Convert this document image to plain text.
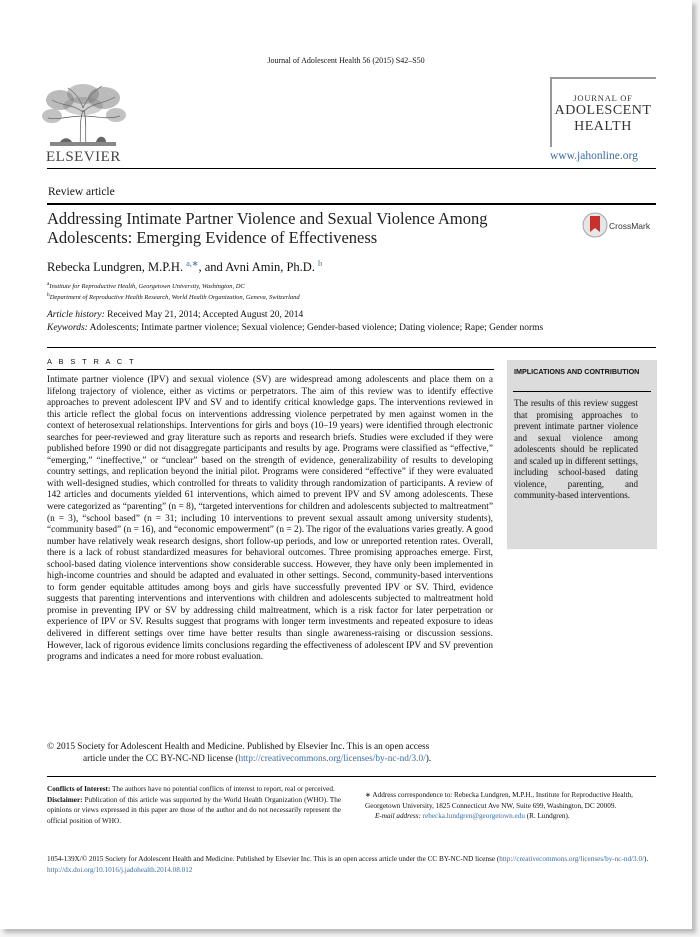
Journal of Adolescent Health 56 (2015) S42–S50
ELSEVIER
JOURNAL OF
ADOLESCENT
HEALTH
www.jahonline.org
Review article
Addressing Intimate Partner Violence and Sexual Violence Among Adolescents: Emerging Evidence of Effectiveness
CrossMark
Rebecka Lundgren, M.P.H. $^{a,∗}$, and Avni Amin, Ph.D. $^b$
$^a$Institute for Reproductive Health, Georgetown University, Washington, DC
$^b$Department of Reproductive Health Research, World Health Organization, Geneva, Switzerland
Article history: Received May 21, 2014; Accepted August 20, 2014
Keywords: Adolescents; Intimate partner violence; Sexual violence; Gender-based violence; Dating violence; Rape; Gender norms
A B S T R A C T

Intimate partner violence (IPV) and sexual violence (SV) are widespread among adolescents and place them on a lifelong trajectory of violence, either as victims or perpetrators. The aim of this review was to identify effective approaches to prevent adolescent IPV and SV and to identify critical knowledge gaps. The interventions reviewed in this article reflect the global focus on interventions addressing violence perpetrated by men against women in the context of heterosexual relationships. Interventions for girls and boys (10–19 years) were identified through electronic searches for peer-reviewed and gray literature such as reports and research briefs. Studies were excluded if they were published before 1990 or did not disaggregate participants and results by age. Programs were classified as “effective,” “emerging,” “ineffective,” or “unclear” based on the strength of evidence, generalizability of results to developing country settings, and replication beyond the initial pilot. Programs were considered “effective” if they were evaluated with well-designed studies, which controlled for threats to validity through randomization of participants. A review of 142 articles and documents yielded 61 interventions, which aimed to prevent IPV and SV among adolescents. These were categorized as “parenting” (n = 8), “targeted interventions for children and adolescents subjected to maltreatment” (n = 3), “school based” (n = 31; including 10 interventions to prevent sexual assault among university students), “community based” (n = 16), and “economic empowerment” (n = 2). The rigor of the evaluations varies greatly. A good number have relatively weak research designs, short follow-up periods, and low or unreported retention rates. Overall, there is a lack of robust standardized measures for behavioral outcomes. Three promising approaches emerge. First, school-based dating violence interventions show considerable success. However, they have only been implemented in high-income countries and should be adapted and evaluated in other settings. Second, community-based interventions to form gender equitable attitudes among boys and girls have successfully prevented IPV or SV. Third, evidence suggests that parenting interventions and interventions with children and adolescents subjected to maltreatment hold promise in preventing IPV or SV by addressing child maltreatment, which is a risk factor for later perpetration or experience of IPV or SV. Results suggest that programs with longer term investments and repeated exposure to ideas delivered in different settings over time have better results than single awareness-raising or discussion sessions. However, lack of rigorous evidence limits conclusions regarding the effectiveness of adolescent IPV and SV prevention programs and indicates a need for more robust evaluation.

© 2015 Society for Adolescent Health and Medicine. Published by Elsevier Inc. This is an open access
article under the CC BY-NC-ND license (http://creativecommons.org/licenses/by-nc-nd/3.0/).
IMPLICATIONS AND CONTRIBUTION
The results of this review suggest that promising approaches to prevent intimate partner violence and sexual violence among adolescents should be replicated and scaled up in different settings, including school-based dating violence, parenting, and community-based interventions.
Conflicts of Interest: The authors have no potential conflicts of interest to report, real or perceived.
Disclaimer: Publication of this article was supported by the World Health Organization (WHO). The opinions or views expressed in this paper are those of the author and do not necessarily represent the official position of WHO.
∗ Address correspondence to: Rebecka Lundgren, M.P.H., Institute for Reproductive Health, Georgetown University, 1825 Connecticut Ave NW, Suite 699, Washington, DC 20009.
E-mail address: rebecka.lundgren@georgetown.edu (R. Lundgren).
1054-139X/© 2015 Society for Adolescent Health and Medicine. Published by Elsevier Inc. This is an open access article under the CC BY-NC-ND license (http://creativecommons.org/licenses/by-nc-nd/3.0/).
http://dx.doi.org/10.1016/j.jadohealth.2014.08.012
